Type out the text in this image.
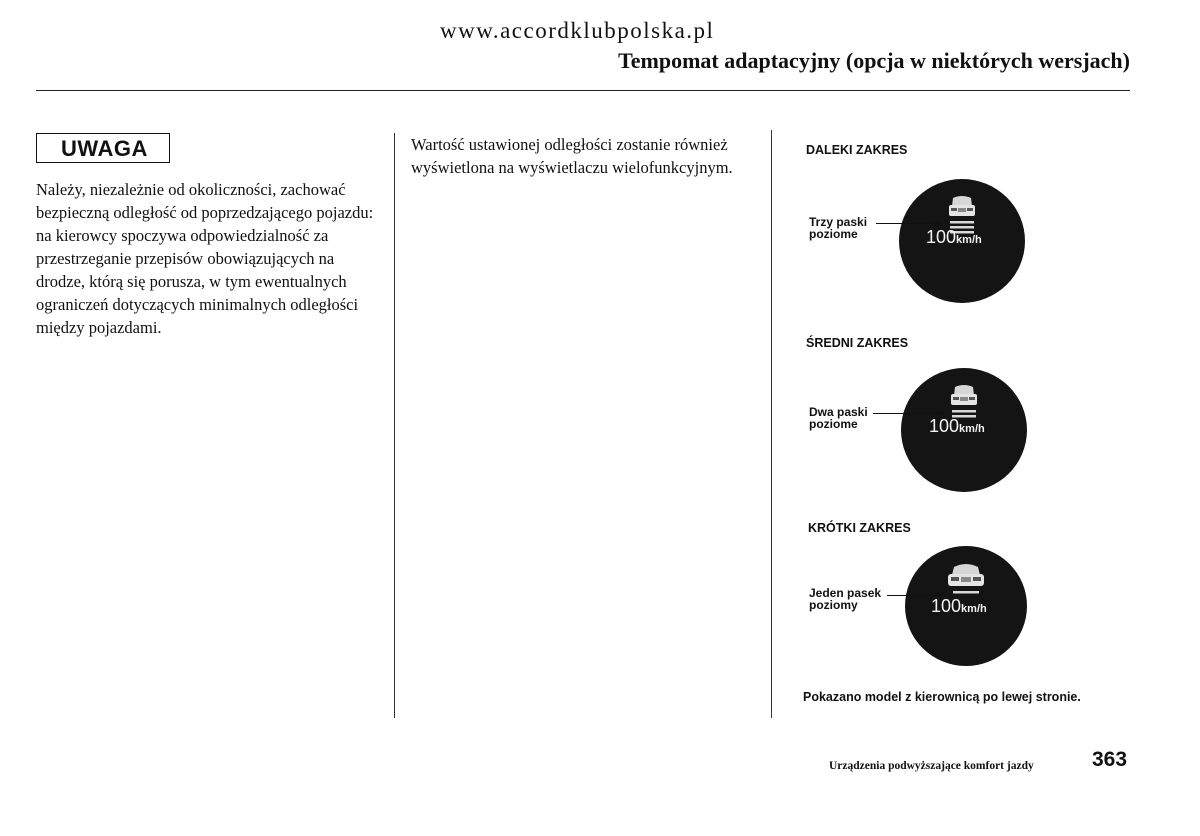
www.accordklubpolska.pl
Tempomat adaptacyjny (opcja w niektórych wersjach)
UWAGA

Należy, niezależnie od okoliczności, zachować bezpieczną odległość od poprzedzającego pojazdu: na kierowcy spoczywa odpowiedzialność za przestrzeganie przepisów obowiązujących na drodze, którą się porusza, w tym ewentualnych ograniczeń dotyczących minimalnych odległości między pojazdami.

Wartość ustawionej odległości zostanie również wyświetlona na wyświetlaczu wielofunkcyjnym.

DALEKI ZAKRES
100km/h
Trzy paski
poziome
ŚREDNI ZAKRES
100km/h
Dwa paski
poziome
KRÓTKI ZAKRES
100km/h
Jeden pasek
poziomy
Pokazano model z kierownicą po lewej stronie.
Urządzenia podwyższające komfort jazdy	363
